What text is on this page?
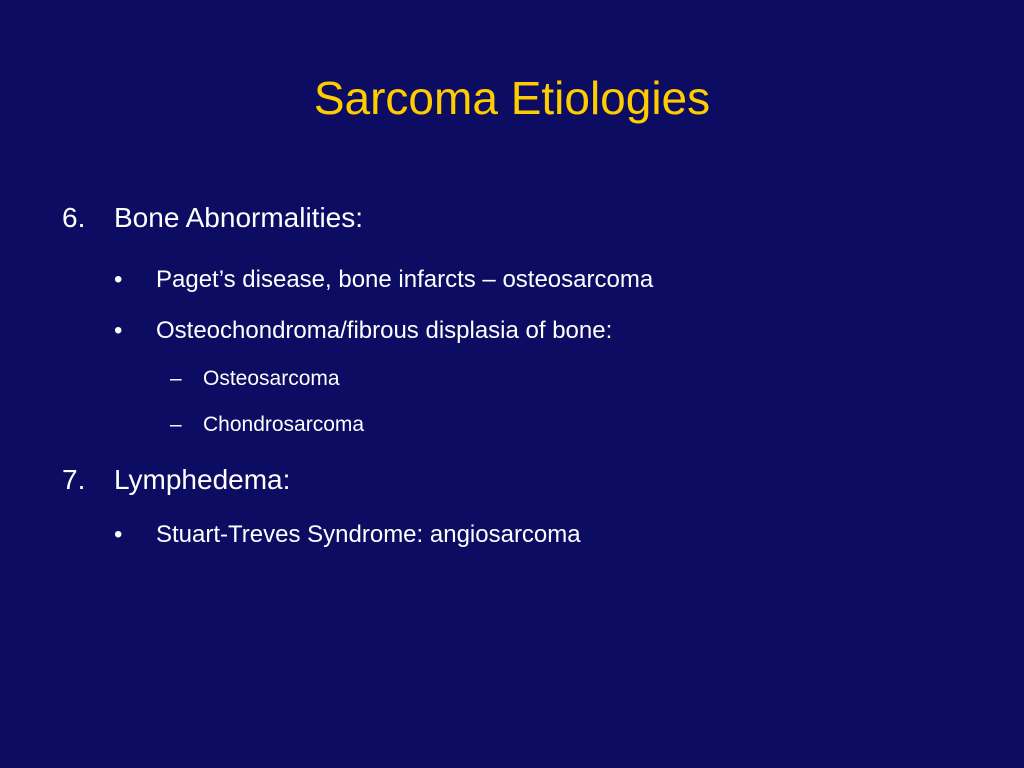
Sarcoma Etiologies
6. Bone Abnormalities:
• Paget’s disease, bone infarcts – osteosarcoma
• Osteochondroma/fibrous displasia of bone:
– Osteosarcoma
– Chondrosarcoma
7. Lymphedema:
• Stuart-Treves Syndrome: angiosarcoma
